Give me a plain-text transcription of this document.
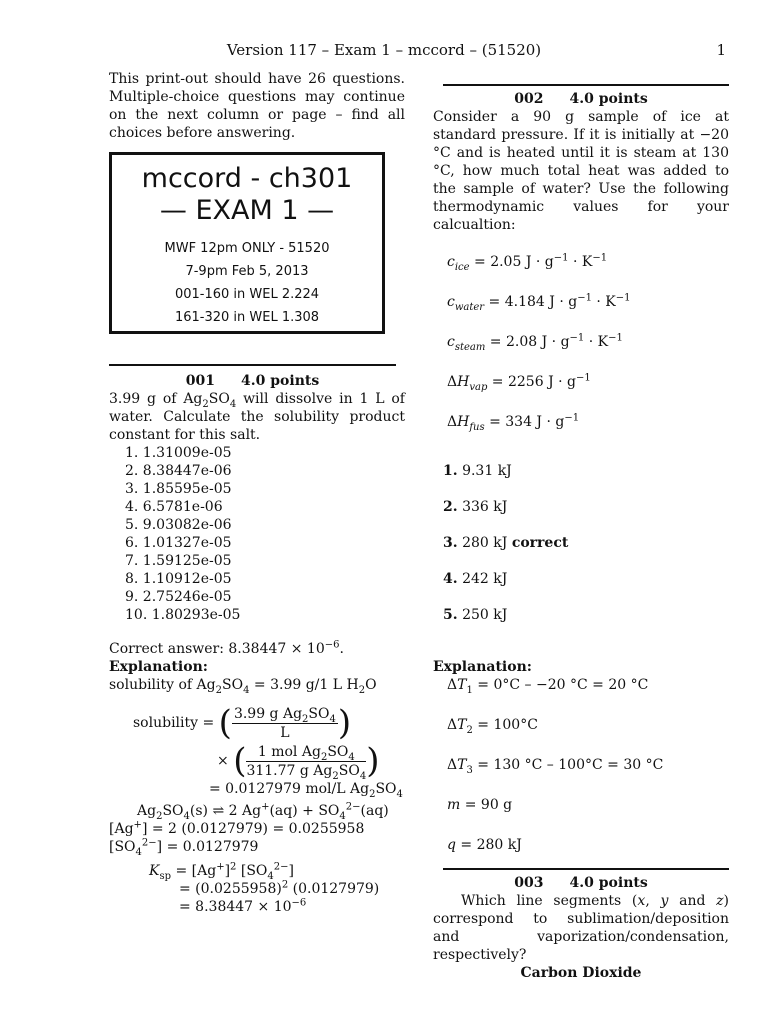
Version 117 – Exam 1 – mccord – (51520)	1

This print-out should have 26 questions. Multiple-choice questions may continue on the next column or page – find all choices before answering.

mccord - ch301
— EXAM 1 —
MWF 12pm ONLY - 51520
7-9pm Feb 5, 2013
001-160 in WEL 2.224
161-320 in WEL 1.308
001 4.0 points

3.99 g of $Ag_2SO_4$ will dissolve in 1 L of water. Calculate the solubility product constant for this salt.

1. 1.31009e-05
2. 8.38447e-06
3. 1.85595e-05
4. 6.5781e-06
5. 9.03082e-06
6. 1.01327e-05
7. 1.59125e-05
8. 1.10912e-05
9. 2.75246e-05
10. 1.80293e-05
Correct answer: $8.38447 \times 10^{-6}$.
Explanation:
solubility of $Ag_2SO_4 = 3.99$ g/1 L $H_2O$
solubility = ( $\frac{3.99 g Ag_2SO_4}{L}$ )
× ( $\frac{1 mol Ag_2SO_4}{311.77 g Ag_2SO_4}$ )
= 0.0127979 mol/L $Ag_2SO_4$
$Ag_2SO_4(s)$ ⇌ 2 $Ag^+(aq) + SO_4^{2-}(aq)$
[Ag+] = 2 (0.0127979) = 0.0255958
$[SO_4^{2-}] = 0.0127979$
$K_{sp} = [Ag^+]^2$ $[SO_4^{2-}]$
= $(0.0255958)^2$ (0.0127979)
= $8.38447 \times 10^{-6}$
002 4.0 points

Consider a 90 g sample of ice at standard pressure. If it is initially at −20 °C and is heated until it is steam at 130 °C, how much total heat was added to the sample of water? Use the following thermodynamic values for your calcualtion:

$c_{ice} = 2.05$ $J \cdot g^{-1} \cdot K^{-1}$
$c_{water} = 4.184$ $J \cdot g^{-1} \cdot K^{-1}$
$c_{steam} = 2.08$ $J \cdot g^{-1} \cdot K^{-1}$
$\Delta H_{vap} = 2256$ $J \cdot g^{-1}$
$\Delta H_{fus} = 334$ $J \cdot g^{-1}$
1. 9.31 kJ
2. 336 kJ
3. 280 kJ correct
4. 242 kJ
5. 250 kJ
Explanation:
$\Delta T_1 = 0^\circ C - -20$ °C = 20 °C
$\Delta T_2 = 100^\circ C$
$\Delta T_3 = 130$ °C – 100°C = 30 °C
m = 90 g
q = 280 kJ
003 4.0 points

Which line segments (x, y and z) correspond to sublimation/deposition and vaporization/condensation, respectively?

Carbon Dioxide
